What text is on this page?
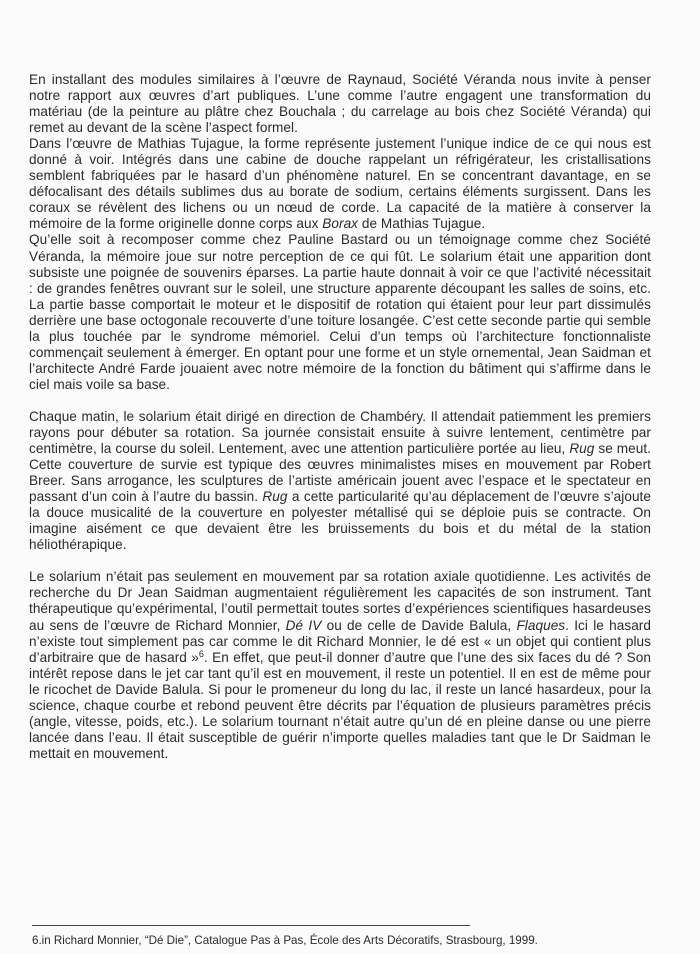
En installant des modules similaires à l’œuvre de Raynaud, Société Véranda nous invite à penser notre rapport aux œuvres d’art publiques. L’une comme l’autre engagent une transformation du matériau (de la peinture au plâtre chez Bouchala ; du carrelage au bois chez Société Véranda) qui remet au devant de la scène l’aspect formel.

Dans l’œuvre de Mathias Tujague, la forme représente justement l’unique indice de ce qui nous est donné à voir. Intégrés dans une cabine de douche rappelant un réfrigérateur, les cristallisations semblent fabriquées par le hasard d’un phénomène naturel. En se concentrant davantage, en se défocalisant des détails sublimes dus au borate de sodium, certains éléments surgissent. Dans les coraux se révèlent des lichens ou un nœud de corde. La capacité de la matière à conserver la mémoire de la forme originelle donne corps aux Borax de Mathias Tujague.

Qu’elle soit à recomposer comme chez Pauline Bastard ou un témoignage comme chez Société Véranda, la mémoire joue sur notre perception de ce qui fût. Le solarium était une apparition dont subsiste une poignée de souvenirs éparses. La partie haute donnait à voir ce que l’activité nécessitait : de grandes fenêtres ouvrant sur le soleil, une structure apparente découpant les salles de soins, etc. La partie basse comportait le moteur et le dispositif de rotation qui étaient pour leur part dissimulés derrière une base octogonale recouverte d’une toiture losangée. C’est cette seconde partie qui semble la plus touchée par le syndrome mémoriel. Celui d’un temps où l’architecture fonctionnaliste commençait seulement à émerger. En optant pour une forme et un style ornemental, Jean Saidman et l’architecte André Farde jouaient avec notre mémoire de la fonction du bâtiment qui s’affirme dans le ciel mais voile sa base.

Chaque matin, le solarium était dirigé en direction de Chambéry. Il attendait patiemment les premiers rayons pour débuter sa rotation. Sa journée consistait ensuite à suivre lentement, centimètre par centimètre, la course du soleil. Lentement, avec une attention particulière portée au lieu, Rug se meut. Cette couverture de survie est typique des œuvres minimalistes mises en mouvement par Robert Breer. Sans arrogance, les sculptures de l’artiste américain jouent avec l’espace et le spectateur en passant d’un coin à l’autre du bassin. Rug a cette particularité qu’au déplacement de l’œuvre s’ajoute la douce musicalité de la couverture en polyester métallisé qui se déploie puis se contracte. On imagine aisément ce que devaient être les bruissements du bois et du métal de la station héliothérapique.

Le solarium n’était pas seulement en mouvement par sa rotation axiale quotidienne. Les activités de recherche du Dr Jean Saidman augmentaient régulièrement les capacités de son instrument. Tant thérapeutique qu’expérimental, l’outil permettait toutes sortes d’expériences scientifiques hasardeuses au sens de l’œuvre de Richard Monnier, Dé IV ou de celle de Davide Balula, Flaques. Ici le hasard n’existe tout simplement pas car comme le dit Richard Monnier, le dé est « un objet qui contient plus d’arbitraire que de hasard »$^6$. En effet, que peut-il donner d’autre que l’une des six faces du dé ? Son intérêt repose dans le jet car tant qu’il est en mouvement, il reste un potentiel. Il en est de même pour le ricochet de Davide Balula. Si pour le promeneur du long du lac, il reste un lancé hasardeux, pour la science, chaque courbe et rebond peuvent être décrits par l’équation de plusieurs paramètres précis (angle, vitesse, poids, etc.). Le solarium tournant n’était autre qu’un dé en pleine danse ou une pierre lancée dans l’eau. Il était susceptible de guérir n’importe quelles maladies tant que le Dr Saidman le mettait en mouvement.

6.in Richard Monnier, “Dé Die”, Catalogue Pas à Pas, École des Arts Décoratifs, Strasbourg, 1999.
